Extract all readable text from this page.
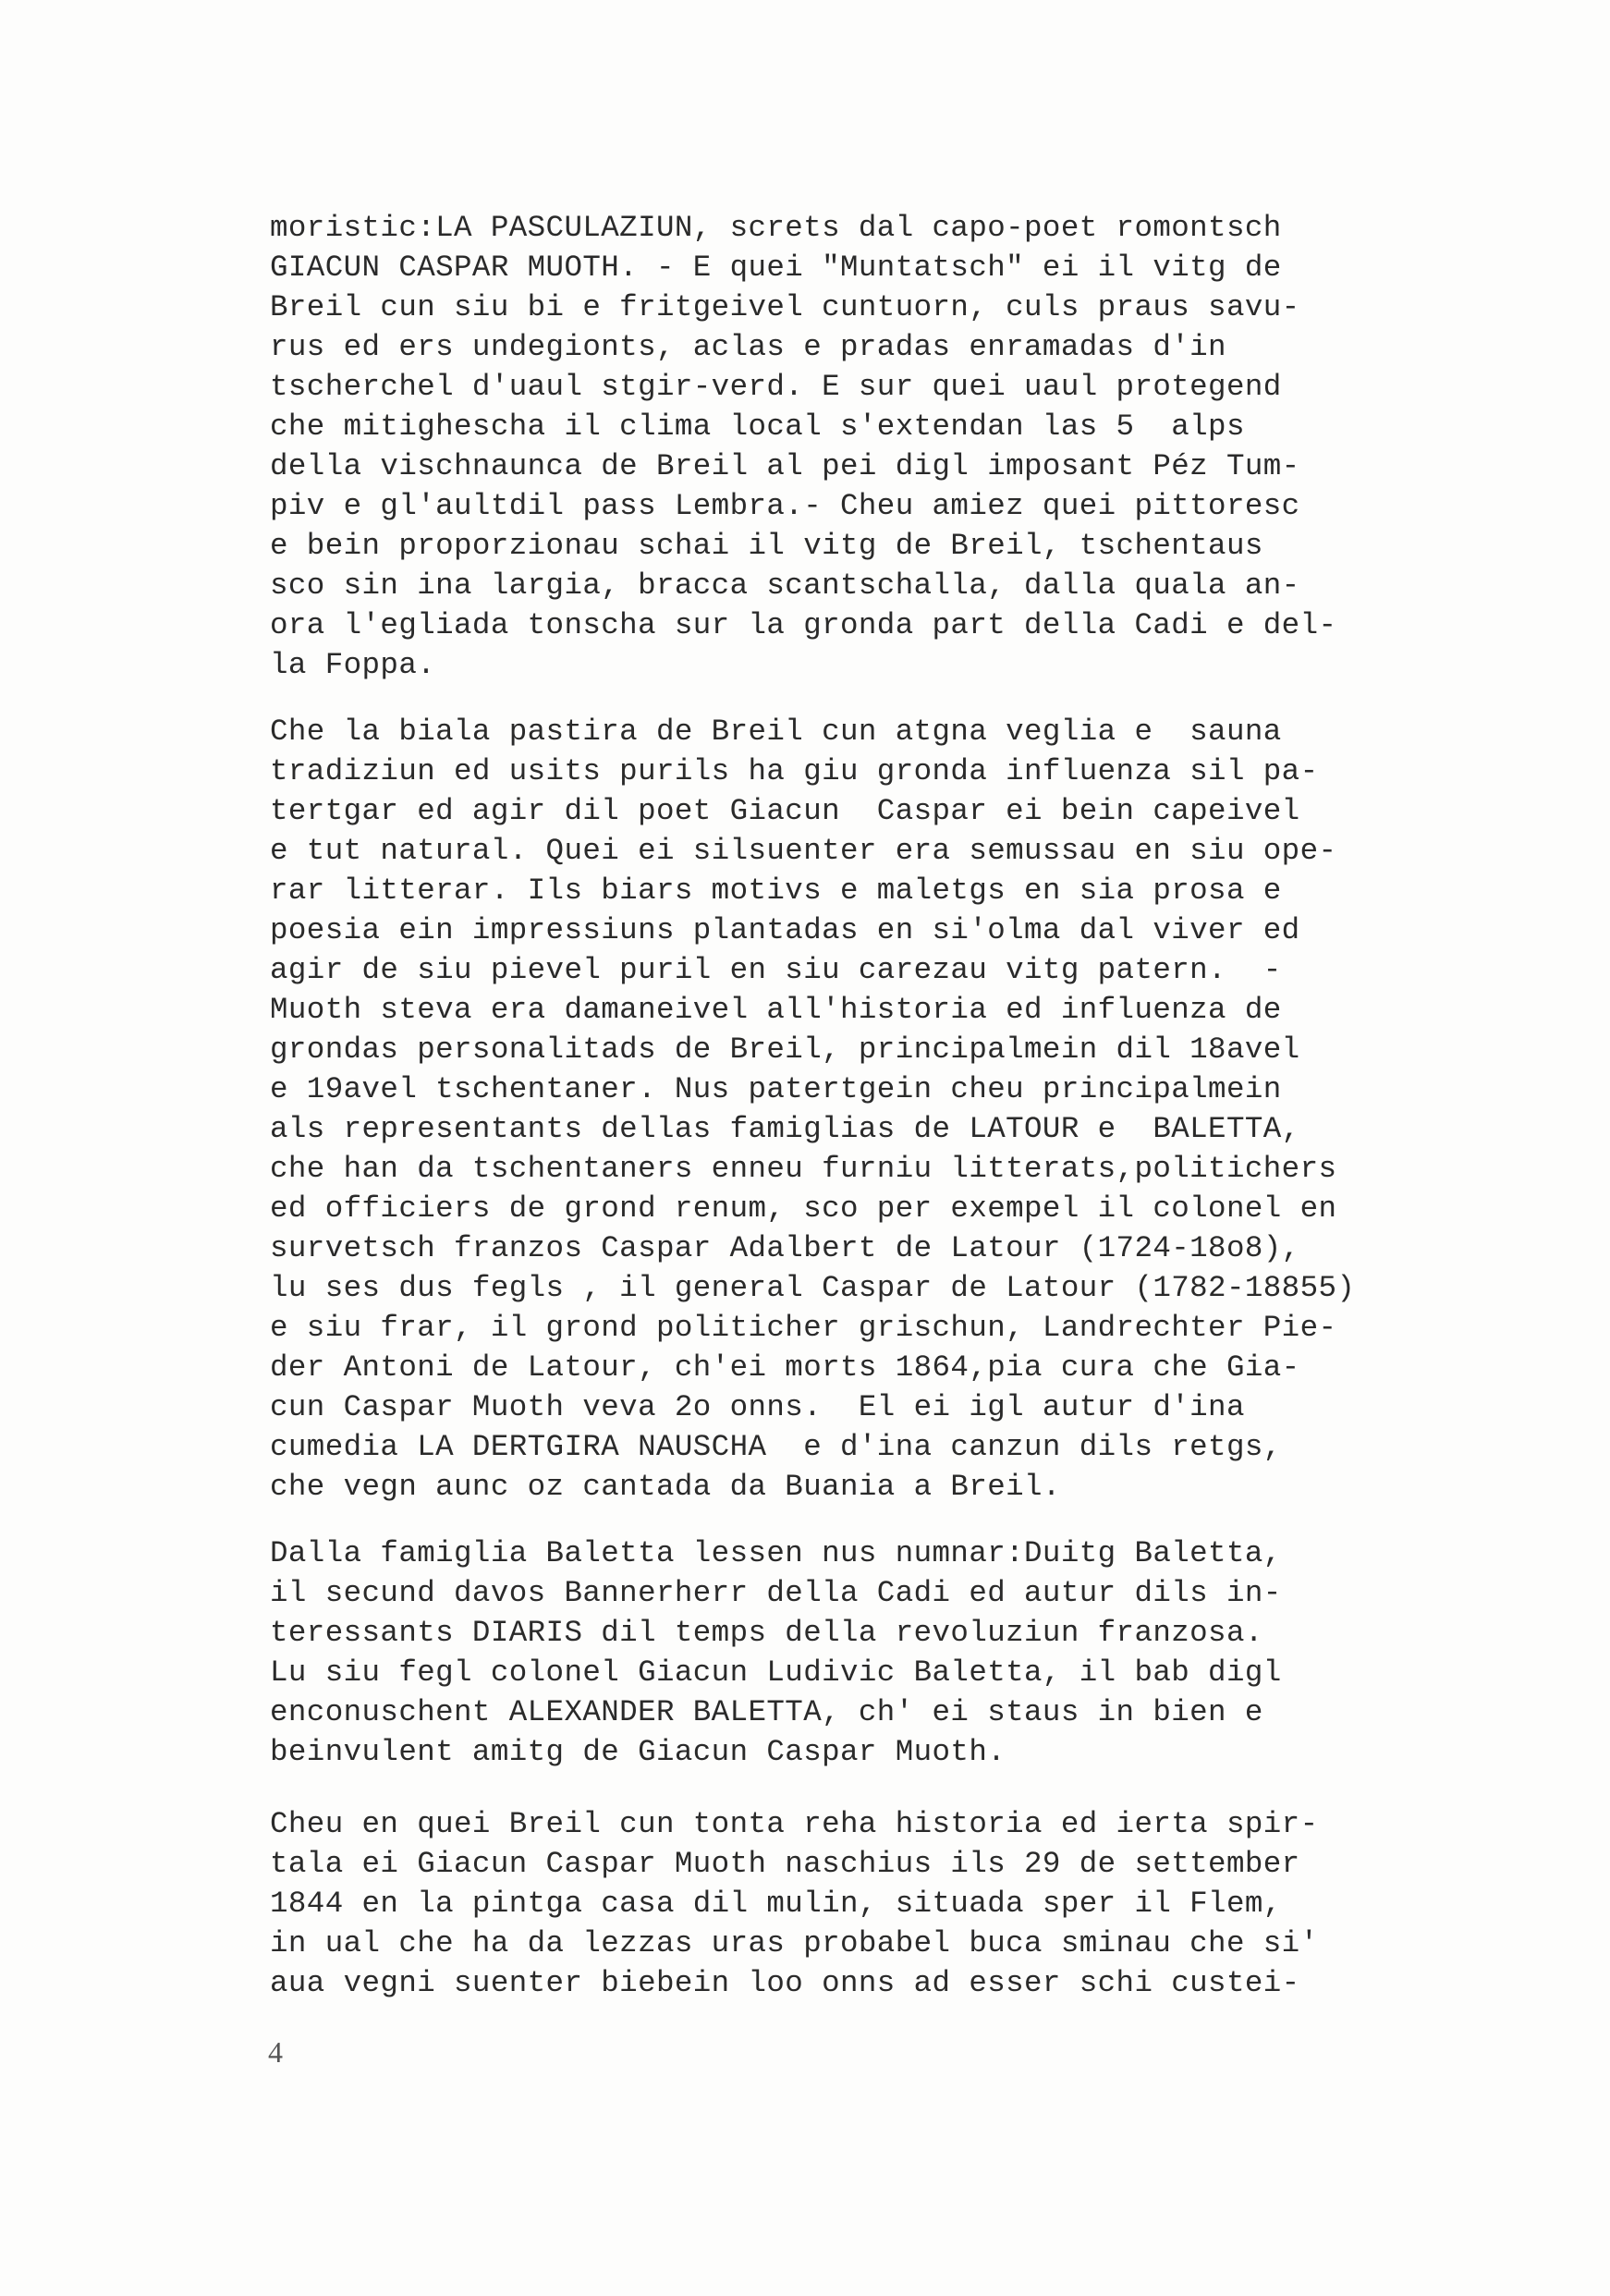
moristic:LA PASCULAZIUN, screts dal capo-poet romontsch
GIACUN CASPAR MUOTH. - E quei "Muntatsch" ei il vitg de
Breil cun siu bi e fritgeivel cuntuorn, culs praus savu-
rus ed ers undegionts, aclas e pradas enramadas d'in
tscherchel d'uaul stgir-verd. E sur quei uaul protegend
che mitighescha il clima local s'extendan las 5  alps
della vischnaunca de Breil al pei digl imposant Péz Tum-
piv e gl'aultdil pass Lembra.- Cheu amiez quei pittoresc
e bein proporzionau schai il vitg de Breil, tschentaus
sco sin ina largia, bracca scantschalla, dalla quala an-
ora l'egliada tonscha sur la gronda part della Cadi e del-
la Foppa.
Che la biala pastira de Breil cun atgna veglia e  sauna
tradiziun ed usits purils ha giu gronda influenza sil pa-
tertgar ed agir dil poet Giacun  Caspar ei bein capeivel
e tut natural. Quei ei silsuenter era semussau en siu ope-
rar litterar. Ils biars motivs e maletgs en sia prosa e
poesia ein impressiuns plantadas en si'olma dal viver ed
agir de siu pievel puril en siu carezau vitg patern.  -
Muoth steva era damaneivel all'historia ed influenza de
grondas personalitads de Breil, principalmein dil 18avel
e 19avel tschentaner. Nus patertgein cheu principalmein
als representants dellas famiglias de LATOUR e  BALETTA,
che han da tschentaners enneu furniu litterats,politichers
ed officiers de grond renum, sco per exempel il colonel en
survetsch franzos Caspar Adalbert de Latour (1724-18o8),
lu ses dus fegls , il general Caspar de Latour (1782-18855)
e siu frar, il grond politicher grischun, Landrechter Pie-
der Antoni de Latour, ch'ei morts 1864,pia cura che Gia-
cun Caspar Muoth veva 2o onns.  El ei igl autur d'ina
cumedia LA DERTGIRA NAUSCHA  e d'ina canzun dils retgs,
che vegn aunc oz cantada da Buania a Breil.
Dalla famiglia Baletta lessen nus numnar:Duitg Baletta,
il secund davos Bannerherr della Cadi ed autur dils in-
teressants DIARIS dil temps della revoluziun franzosa.
Lu siu fegl colonel Giacun Ludivic Baletta, il bab digl
enconuschent ALEXANDER BALETTA, ch' ei staus in bien e
beinvulent amitg de Giacun Caspar Muoth.
Cheu en quei Breil cun tonta reha historia ed ierta spir-
tala ei Giacun Caspar Muoth naschius ils 29 de settember
1844 en la pintga casa dil mulin, situada sper il Flem,
in ual che ha da lezzas uras probabel buca sminau che si'
aua vegni suenter biebein loo onns ad esser schi custei-
4
